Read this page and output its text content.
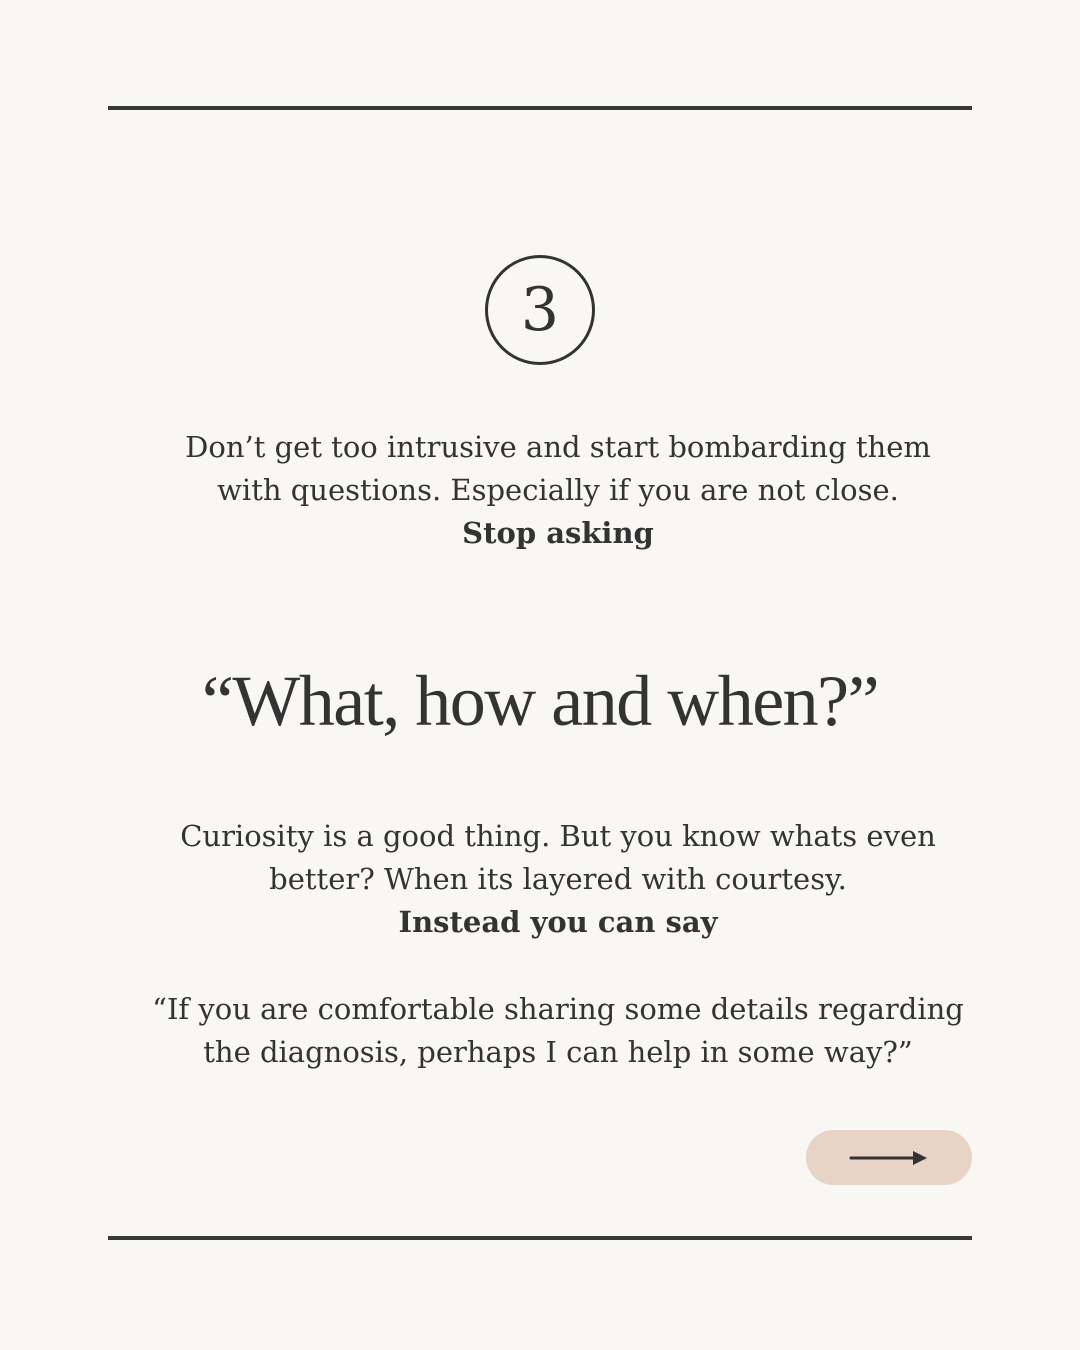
3
Don’t get too intrusive and start bombarding them
with questions. Especially if you are not close.
Stop asking
“What, how and when?”
Curiosity is a good thing. But you know whats even
better? When its layered with courtesy.
Instead you can say
“If you are comfortable sharing some details regarding
the diagnosis, perhaps I can help in some way?”
